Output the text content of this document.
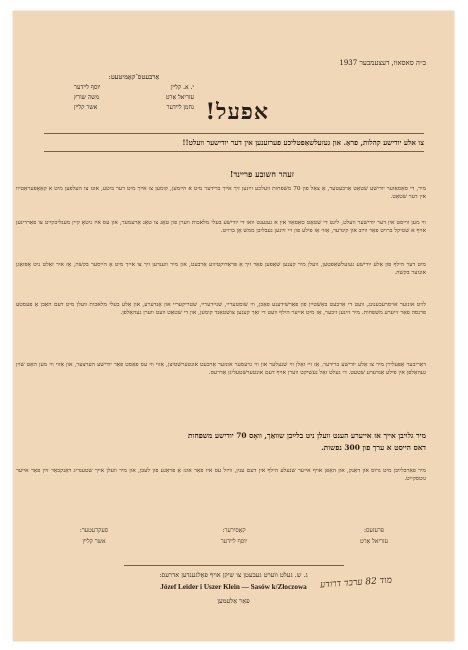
ב״ה סאסאוו, דעצעמבער 1937
אַרבעטס־קאָמיטעט:
י. א. קלײן
יוסף לײדער
עזריאל אַרט
משה שורץ
נחמן לײדער
אשר קלײן	אפעל!
צו אלע יודישע קהלות, פראַ. און געזעלשאַפטליכע פערזענען אין דער יודישער וועלט!!
זעהר חשובע פריינד!
מיר, די סאַסאַוער יודישע שטאָט אַרבעטער, אַ צאָל פון 70 משפחות וועלכע זײַנען זיך אײך ברידער מיט א הײמען, קומען צו אײך מיט דער ביטע, אונז צו העלפען מיט א קאָאָפּעראַטיוו אין דער שטאָט.
ווי מען ווייסט אין דער יודישער וועלט, ליגט די שטאָט סאַסאָוו אין א געגענט וואו די יודישע בעלי מלאכות ווערן פון טאָג צו טאָג אַרעמער, און עס איז ניטאָ קיין מעגליכקייט צו פאַרדינען אויף א שטיקל ברויט פאַר ווײַב און קינדער, אַזוי אַז פילע פון זיי זײַנען געבליבן ממש אָן ברויט.
מיט דער הילף פון אַלע יודישע געזעלשאַפטען, וועלן מיר קענען שאַפען פאַר זיך אַ פּראָדוקטיווע אַרבעט, און מיר ווענדען זיך צו אייך מיט אַ הייסער בקשה, אַז איר זאָלט ניט אָפּזאָגן אונזער בקשה.
לויט אונזער אויסרעכענונג, וועט די אַרבעט באַשטיין פון פאַרשידענע פאַכן, ווי שוסטעריי, שניידעריי, שטריקעריי און אַנדערע, און אַלע בעלי מלאכות וועלן מיט דעם האָבן אַ פעסטע פרנסה פאַר זייערע משפחות. מיר זײַנען זיכער, אַז מיט אייער הילף וועט די זאַך קענען צושטאַנד קומען, און די שטאָט וועט ווערן געהאָלפן.
דאַריבער אַפּעלירן מיר צו אַלע יודישע ברידער, אַז זיי זאָלן ווי שנעלער און ווי גרעסער אונזער אַרבעט אונטערשטיצן, אַזוי ווי עס פאַסט פאַר יודישע הערצער, און אַזוי ווי מען האָט שוין געהאָלפן אין פילע אַנדערע שטעט. די געלט זאָל געשיקט ווערן אויף דעם אונטערשטעליגן אַדרעס.
מיר גלויבן אייך אז אייערע הענט וועלן ניט בלײַבן שוואַך, וואָס 70 יודישע משפחות
דאס הייסט א ערך פון 300 נפשות.
מיר פאַרבלײַבן מיט גרוס און דאַנק, און האָפן אויף אייער שנעלע הילף אין דעם ענין, ווײַל עס איז פאַר אונז אַ פראַגע פון לעבן, און מיר וועלן אײך שטענדיג דאַנקבאַר זײַן פאַר אייער גוטסקייט.
פרעזעס:
עזריאל אַרט
קאַסירער:
יוסף לײדער
סעקרעטער:
אשר קלײן
ג. ש. געלט ווערט געבעטן צו שיקן אויף פאָלגענדען אדרעס:
Józef Leider i Uszer Klein — Sasów k/Złoczowa
פאַר אַלעמען
מוד 82 ערבד דרודע
